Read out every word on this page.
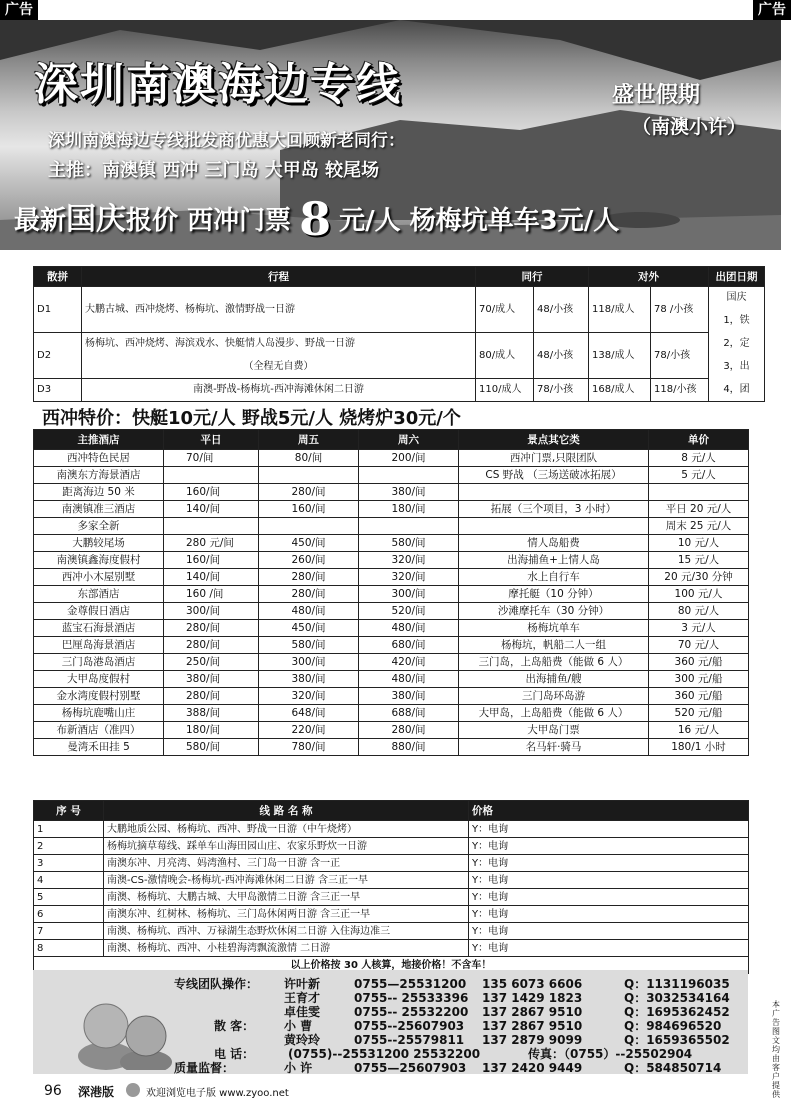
广告	广告
深圳南澳海边专线	盛世假期
（南澳小许）
深圳南澳海边专线批发商优惠大回顾新老同行：
主推：南澳镇 西冲 三门岛 大甲岛 较尾场
最新国庆报价 西冲门票 8 元/人 杨梅坑单车3元/人
散拼	行程	同行		对外		出团日期
D1	大鹏古城、西冲烧烤、杨梅坑、激情野战一日游	70/成人	48/小孩	118/成人	78 /小孩	国庆
						1，铁
D2	杨梅坑、西冲烧烤、海滨戏水、快艇情人岛漫步、野战一日游	80/成人	48/小孩	138/成人	78/小孩	2，定
	（全程无自费）					3，出
D3	南澳-野战-杨梅坑-西冲海滩休闲二日游	110/成人	78/小孩	168/成人	118/小孩	4，团
西冲特价：快艇10元/人 野战5元/人 烧烤炉30元/个
主推酒店	平日	周五	周六	景点其它类	单价
西冲特色民居	70/间	80/间	200/间	西冲门票,只限团队	8 元/人
南澳东方海景酒店				CS 野战 （三场送破冰拓展）	5 元/人
距离海边 50 米	160/间	280/间	380/间		
南澳镇准三酒店	140/间	160/间	180/间	拓展（三个项目，3 小时）	平日 20 元/人
多家全新					周末 25 元/人
大鹏较尾场	280 元/间	450/间	580/间	情人岛船费	10 元/人
南澳镇鑫海度假村	160/间	260/间	320/间	出海捕鱼+上情人岛	15 元/人
西冲小木屋别墅	140/间	280/间	320/间	水上自行车	20 元/30 分钟
东部酒店	160 /间	280/间	300/间	摩托艇（10 分钟）	100 元/人
金尊假日酒店	300/间	480/间	520/间	沙滩摩托车（30 分钟）	80 元/人
蓝宝石海景酒店	280/间	450/间	480/间	杨梅坑单车	3 元/人
巴厘岛海景酒店	280/间	580/间	680/间	杨梅坑，帆船二人一组	70 元/人
三门岛港岛酒店	250/间	300/间	420/间	三门岛，上岛船费（能做 6 人）	360 元/船
大甲岛度假村	380/间	380/间	480/间	出海捕鱼/艘	300 元/船
金水湾度假村别墅	280/间	320/间	380/间	三门岛环岛游	360 元/船
杨梅坑鹿嘴山庄	388/间	648/间	688/间	大甲岛，上岛船费（能做 6 人）	520 元/船
布新酒店（准四）	180/间	220/间	280/间	大甲岛门票	16 元/人
曼湾禾田挂 5	580/间	780/间	880/间	名马轩·骑马	180/1 小时
序 号	线 路 名 称	价格
1	大鹏地质公园、杨梅坑、西冲、野战一日游（中午烧烤）	Y：电询
2	杨梅坑摘草莓线、踩单车山海田园山庄、农家乐野炊一日游	Y：电询
3	南澳东冲、月亮湾、妈湾渔村、三门岛一日游 含一正	Y：电询
4	南澳-CS-激情晚会-杨梅坑-西冲海滩休闲二日游 含三正一早	Y：电询
5	南澳、杨梅坑、大鹏古城、大甲岛激情二日游 含三正一早	Y：电询
6	南澳东冲、红树林、杨梅坑、三门岛休闲两日游 含三正一早	Y：电询
7	南澳、杨梅坑、西冲、万禄湖生态野炊休闲二日游 入住海边准三	Y：电询
8	南澳、杨梅坑、西冲、小桂碧海湾飘流激情 二日游	Y：电询
以上价格按 30 人核算，地接价格！不含车！		
专线团队操作：
散 客：
电 话：
质量监督：
许叶新	0755—25531200 135 6073 6606	Q：1131196035
王育才	0755-- 25533396 137 1429 1823	Q：3032534164
卓佳雯	0755-- 25532200 137 2867 9510	Q：1695362452
小 曹	0755--25607903 137 2867 9510	Q：984696520
黄玲玲	0755--25579811 137 2879 9099	Q：1659365502
(0755)--25531200 25532200	传真：（0755）--25502904
小 许	0755—25607903 137 2420 9449	Q：584850714
本广告图文均由客户提供
96 深港版	欢迎浏览电子版 www.zyoo.net
